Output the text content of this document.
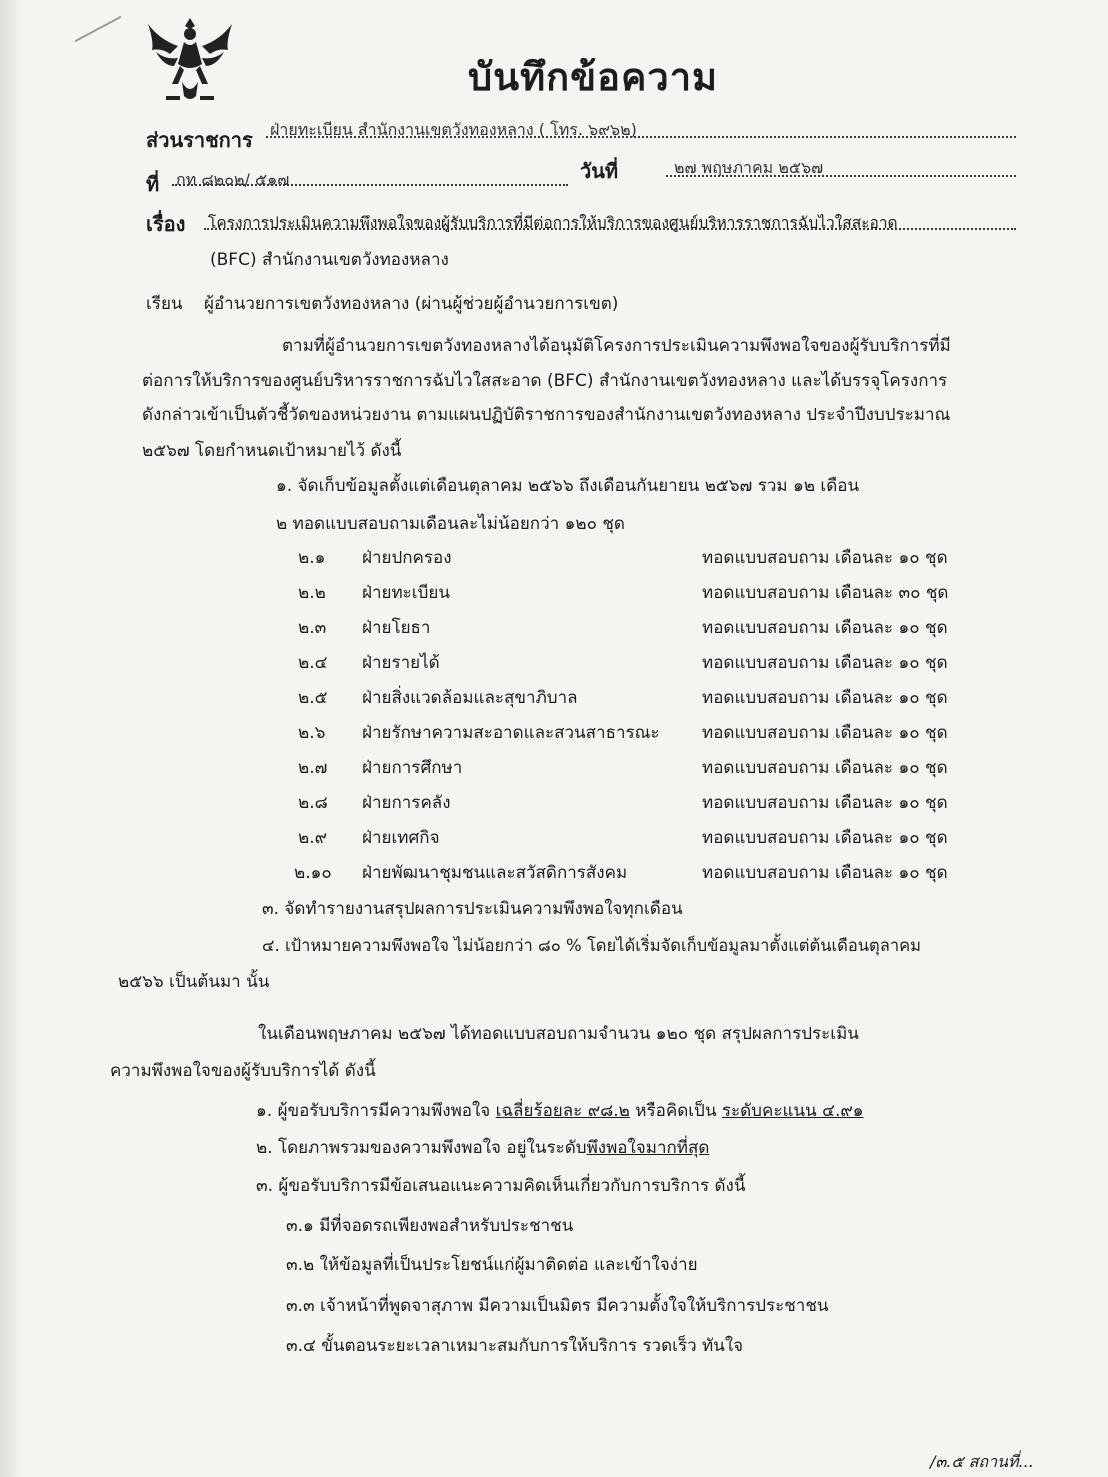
บันทึกข้อความ
ส่วนราชการ ฝ่ายทะเบียน สำนักงานเขตวังทองหลาง ( โทร. ๖๙๖๒)
ที่ กท ๘๒๐๒/ ๕๑๗	วันที่	๒๗ พฤษภาคม ๒๕๖๗
เรื่อง โครงการประเมินความพึงพอใจของผู้รับบริการที่มีต่อการให้บริการของศูนย์บริหารราชการฉับไวใสสะอาด
(BFC) สำนักงานเขตวังทองหลาง
เรียน ผู้อำนวยการเขตวังทองหลาง (ผ่านผู้ช่วยผู้อำนวยการเขต)
ตามที่ผู้อำนวยการเขตวังทองหลางได้อนุมัติโครงการประเมินความพึงพอใจของผู้รับบริการที่มี
ต่อการให้บริการของศูนย์บริหารราชการฉับไวใสสะอาด (BFC) สำนักงานเขตวังทองหลาง และได้บรรจุโครงการ
ดังกล่าวเข้าเป็นตัวชี้วัดของหน่วยงาน ตามแผนปฏิบัติราชการของสำนักงานเขตวังทองหลาง ประจำปีงบประมาณ
๒๕๖๗ โดยกำหนดเป้าหมายไว้ ดังนี้
๑. จัดเก็บข้อมูลตั้งแต่เดือนตุลาคม ๒๕๖๖ ถึงเดือนกันยายน ๒๕๖๗ รวม ๑๒ เดือน
๒ ทอดแบบสอบถามเดือนละไม่น้อยกว่า ๑๒๐ ชุด
๒.๑ ฝ่ายปกครอง	ทอดแบบสอบถาม เดือนละ ๑๐ ชุด
๒.๒ ฝ่ายทะเบียน	ทอดแบบสอบถาม เดือนละ ๓๐ ชุด
๒.๓ ฝ่ายโยธา	ทอดแบบสอบถาม เดือนละ ๑๐ ชุด
๒.๔ ฝ่ายรายได้	ทอดแบบสอบถาม เดือนละ ๑๐ ชุด
๒.๕ ฝ่ายสิ่งแวดล้อมและสุขาภิบาล	ทอดแบบสอบถาม เดือนละ ๑๐ ชุด
๒.๖ ฝ่ายรักษาความสะอาดและสวนสาธารณะ ทอดแบบสอบถาม เดือนละ ๑๐ ชุด
๒.๗ ฝ่ายการศึกษา	ทอดแบบสอบถาม เดือนละ ๑๐ ชุด
๒.๘ ฝ่ายการคลัง	ทอดแบบสอบถาม เดือนละ ๑๐ ชุด
๒.๙ ฝ่ายเทศกิจ	ทอดแบบสอบถาม เดือนละ ๑๐ ชุด
๒.๑๐ ฝ่ายพัฒนาชุมชนและสวัสดิการสังคม	ทอดแบบสอบถาม เดือนละ ๑๐ ชุด
๓. จัดทำรายงานสรุปผลการประเมินความพึงพอใจทุกเดือน
๔. เป้าหมายความพึงพอใจ ไม่น้อยกว่า ๘๐ % โดยได้เริ่มจัดเก็บข้อมูลมาตั้งแต่ต้นเดือนตุลาคม
๒๕๖๖ เป็นต้นมา นั้น
ในเดือนพฤษภาคม ๒๕๖๗ ได้ทอดแบบสอบถามจำนวน ๑๒๐ ชุด สรุปผลการประเมิน
ความพึงพอใจของผู้รับบริการได้ ดังนี้
๑. ผู้ขอรับบริการมีความพึงพอใจ เฉลี่ยร้อยละ ๙๘.๒ หรือคิดเป็น ระดับคะแนน ๔.๙๑
๒. โดยภาพรวมของความพึงพอใจ อยู่ในระดับพึงพอใจมากที่สุด
๓. ผู้ขอรับบริการมีข้อเสนอแนะความคิดเห็นเกี่ยวกับการบริการ ดังนี้
๓.๑ มีที่จอดรถเพียงพอสำหรับประชาชน
๓.๒ ให้ข้อมูลที่เป็นประโยชน์แก่ผู้มาติดต่อ และเข้าใจง่าย
๓.๓ เจ้าหน้าที่พูดจาสุภาพ มีความเป็นมิตร มีความตั้งใจให้บริการประชาชน
๓.๔ ขั้นตอนระยะเวลาเหมาะสมกับการให้บริการ รวดเร็ว ทันใจ
/๓.๕ สถานที่...
